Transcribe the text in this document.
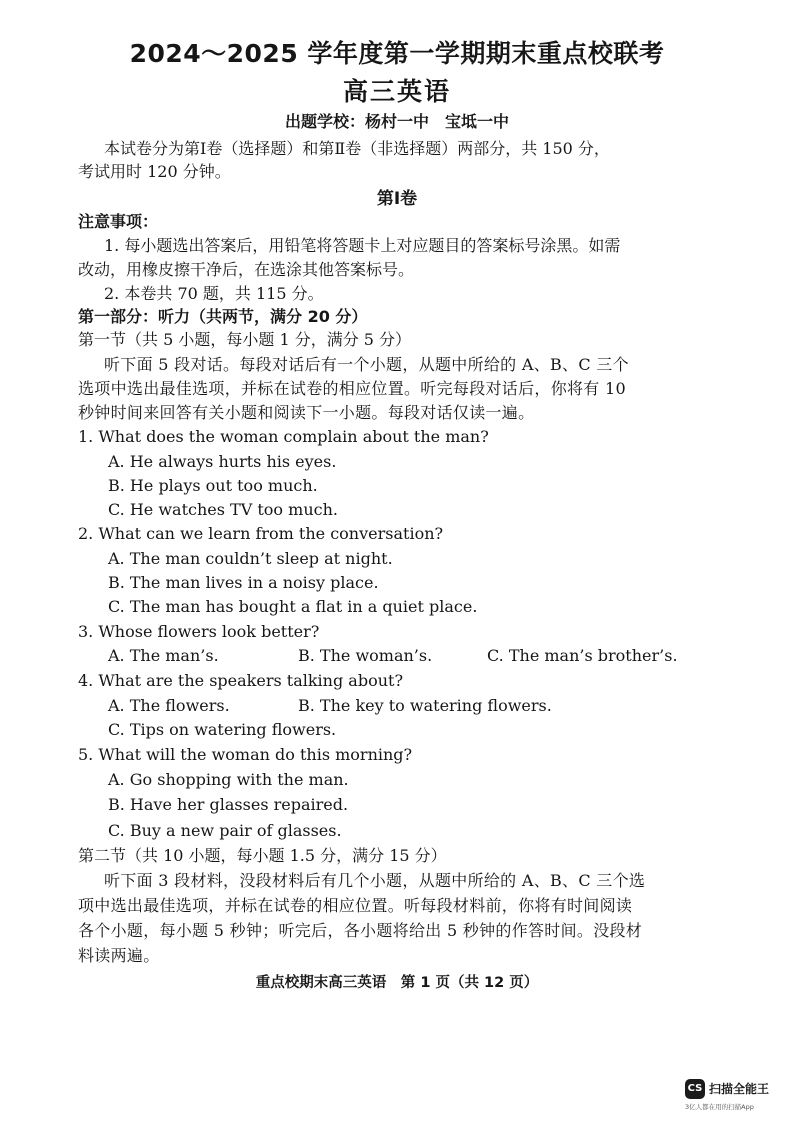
2024～2025 学年度第一学期期末重点校联考
高三英语
出题学校：杨村一中　宝坻一中
本试卷分为第Ⅰ卷（选择题）和第Ⅱ卷（非选择题）两部分，共 150 分，
考试用时 120 分钟。
第Ⅰ卷
注意事项：
1. 每小题选出答案后，用铅笔将答题卡上对应题目的答案标号涂黑。如需
改动，用橡皮擦干净后，在选涂其他答案标号。
2. 本卷共 70 题，共 115 分。
第一部分：听力（共两节，满分 20 分）
第一节（共 5 小题，每小题 1 分，满分 5 分）
听下面 5 段对话。每段对话后有一个小题，从题中所给的 A、B、C 三个
选项中选出最佳选项，并标在试卷的相应位置。听完每段对话后，你将有 10
秒钟时间来回答有关小题和阅读下一小题。每段对话仅读一遍。
1. What does the woman complain about the man?
A. He always hurts his eyes.
B. He plays out too much.
C. He watches TV too much.
2. What can we learn from the conversation?
A. The man couldn’t sleep at night.
B. The man lives in a noisy place.
C. The man has bought a flat in a quiet place.
3. Whose flowers look better?
A. The man’s.	B. The woman’s.	C. The man’s brother’s.
4. What are the speakers talking about?
A. The flowers.	B. The key to watering flowers.
C. Tips on watering flowers.
5. What will the woman do this morning?
A. Go shopping with the man.
B. Have her glasses repaired.
C. Buy a new pair of glasses.
第二节（共 10 小题，每小题 1.5 分，满分 15 分）
听下面 3 段材料，没段材料后有几个小题，从题中所给的 A、B、C 三个选
项中选出最佳选项，并标在试卷的相应位置。听每段材料前，你将有时间阅读
各个小题，每小题 5 秒钟；听完后，各小题将给出 5 秒钟的作答时间。没段材
料读两遍。
重点校期末高三英语　第 1 页（共 12 页）
CS 扫描全能王
3亿人都在用的扫描App
